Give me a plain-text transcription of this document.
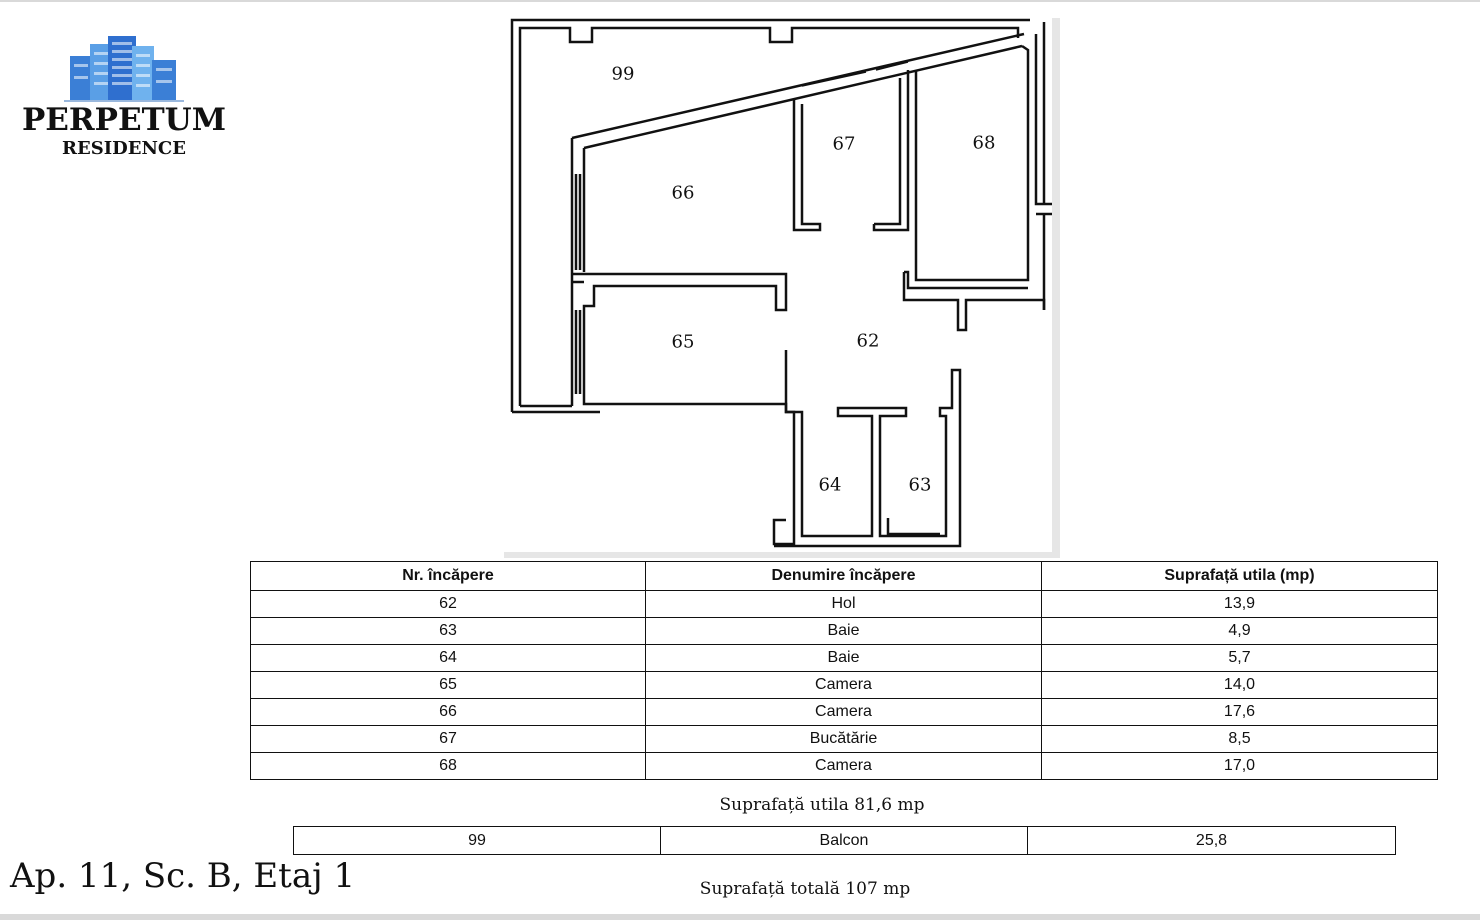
PERPETUM
RESIDENCE
99
67	68
66
65	62
64	63
Nr. încăpere	Denumire încăpere	Suprafață utila (mp)
62	Hol	13,9
63	Baie	4,9
64	Baie	5,7
65	Camera	14,0
66	Camera	17,6
67	Bucătărie	8,5
68	Camera	17,0
Suprafață utila 81,6 mp
99	Balcon	25,8
Ap. 11, Sc. B, Etaj 1	Suprafață totală 107 mp
